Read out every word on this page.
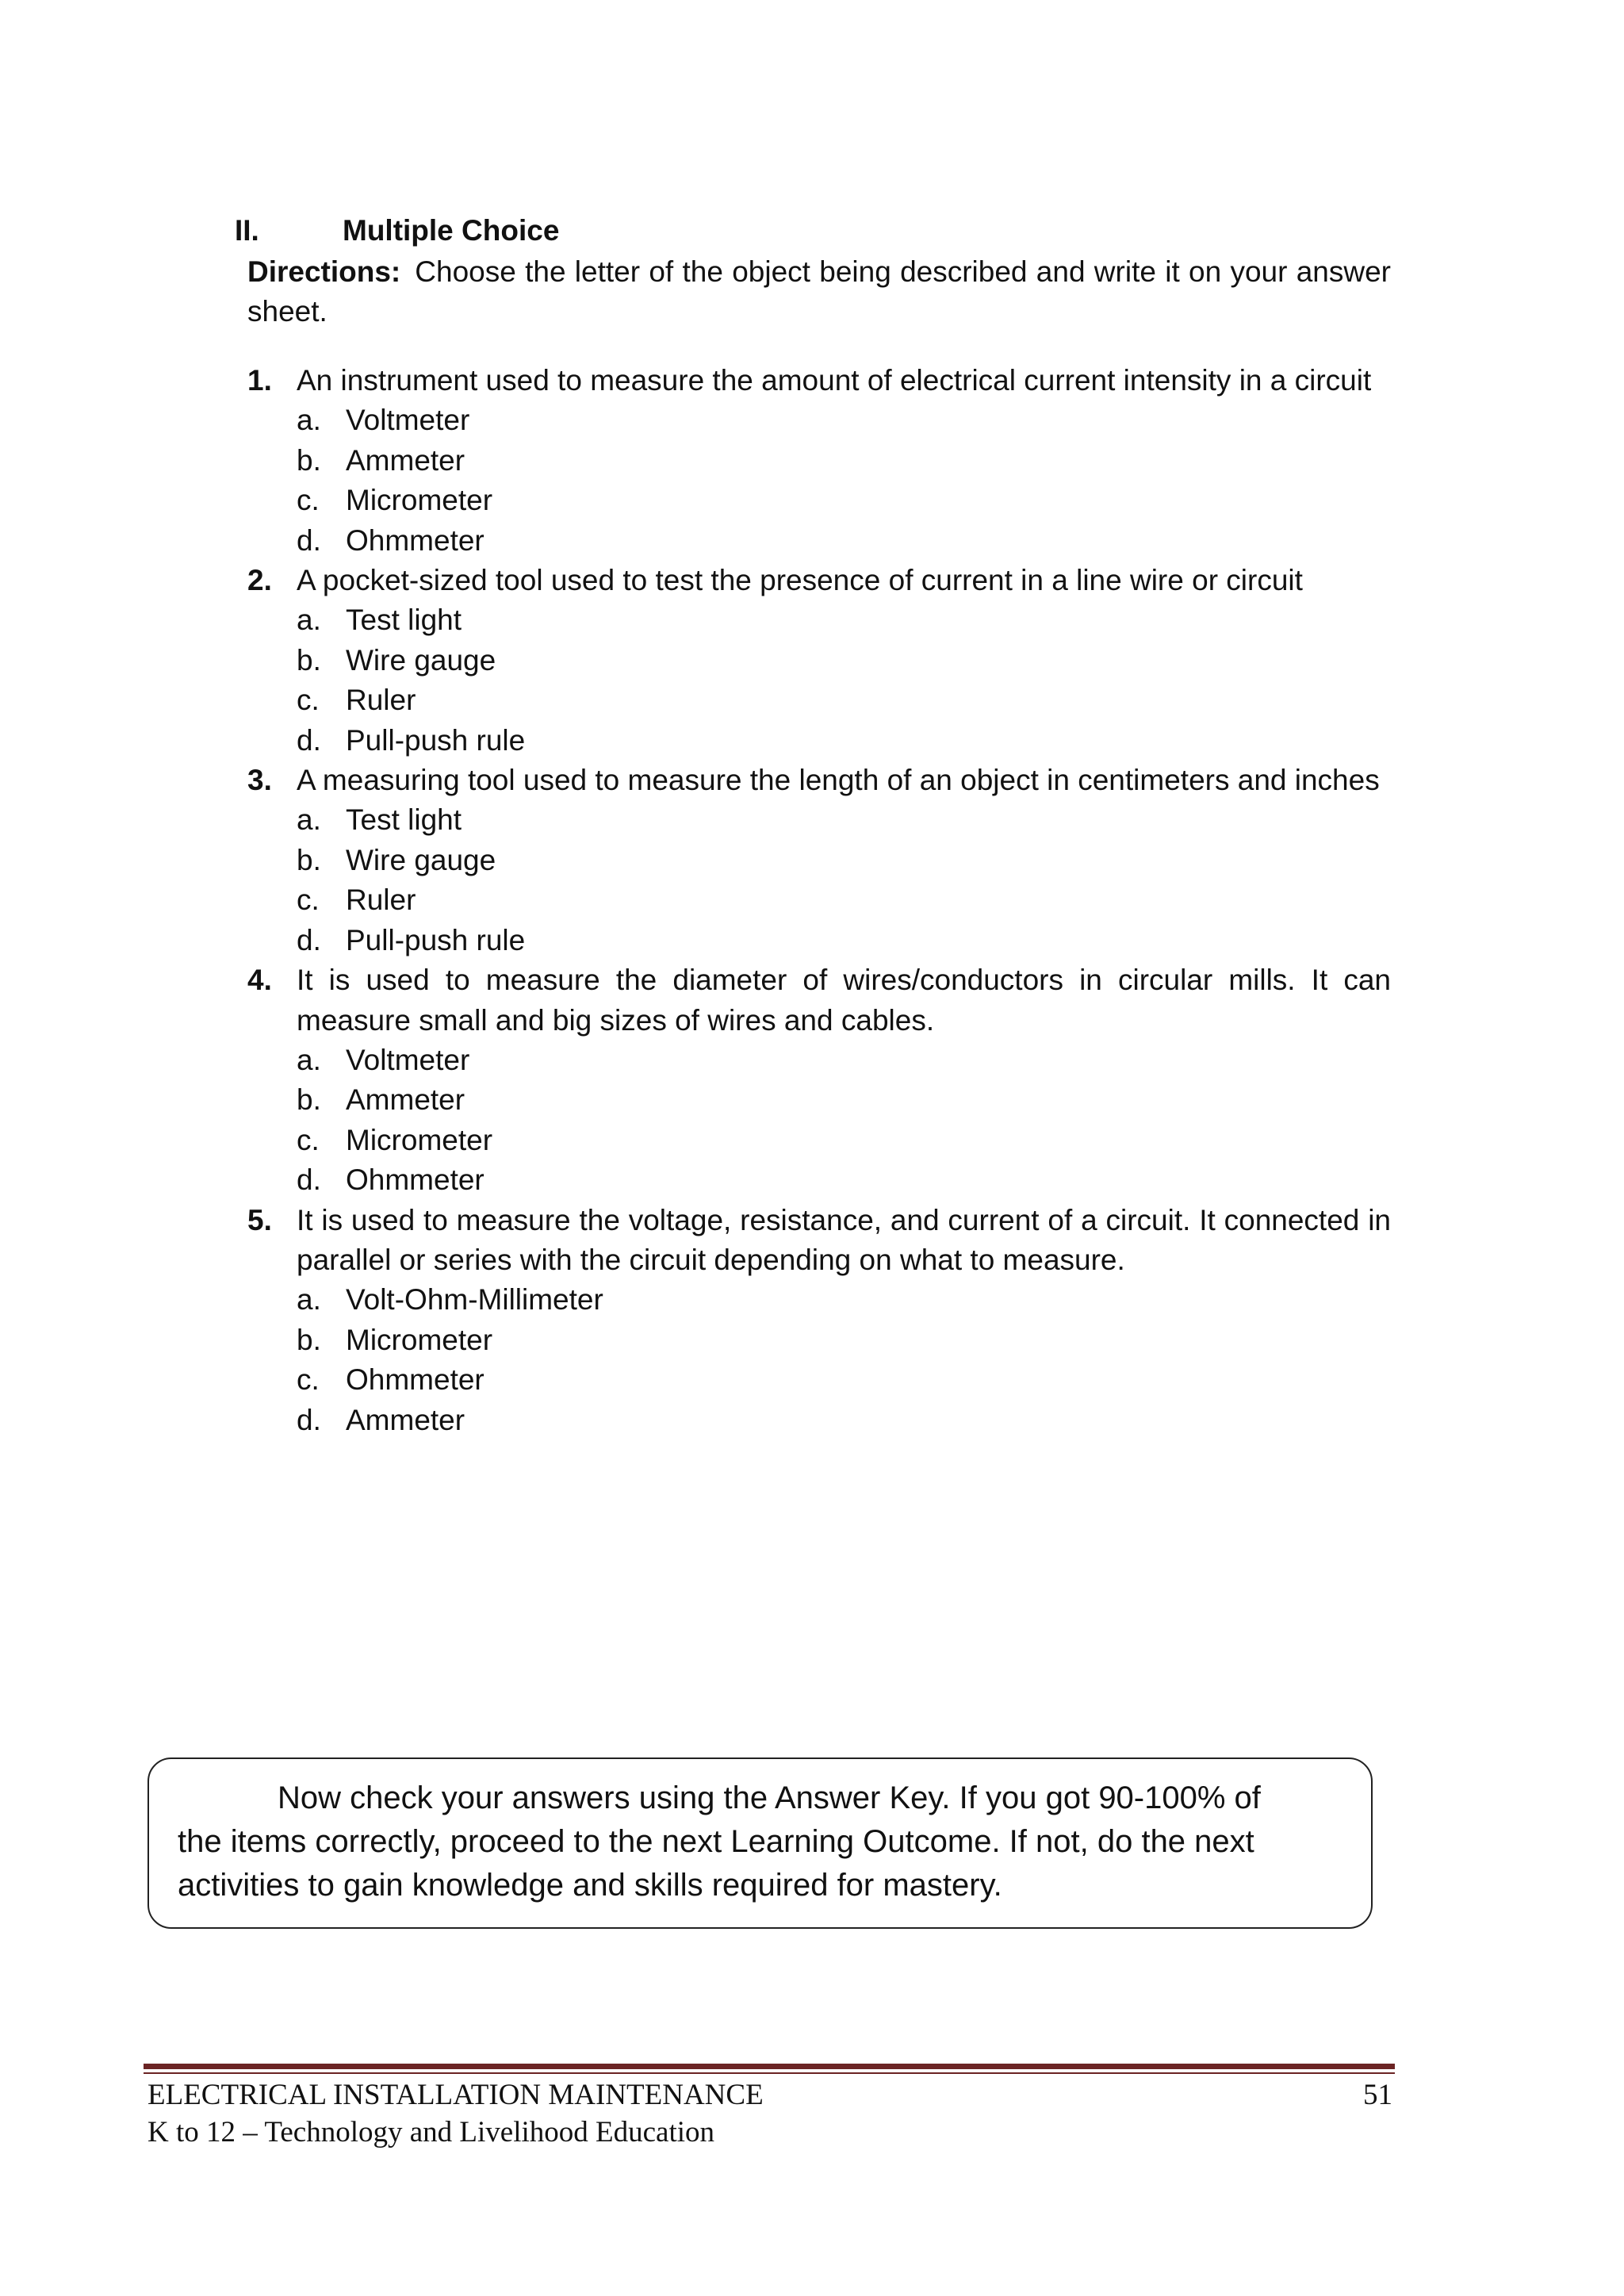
II.	Multiple Choice
Directions: Choose the letter of the object being described and write it on your answer sheet.
1. An instrument used to measure the amount of electrical current intensity in a circuit
a. Voltmeter
b. Ammeter
c. Micrometer
d. Ohmmeter
2. A pocket-sized tool used to test the presence of current in a line wire or circuit
a. Test light
b. Wire gauge
c. Ruler
d. Pull-push rule
3. A measuring tool used to measure the length of an object in centimeters and inches
a. Test light
b. Wire gauge
c. Ruler
d. Pull-push rule
4. It is used to measure the diameter of wires/conductors in circular mills. It can measure small and big sizes of wires and cables.
a. Voltmeter
b. Ammeter
c. Micrometer
d. Ohmmeter
5. It is used to measure the voltage, resistance, and current of a circuit. It connected in parallel or series with the circuit depending on what to measure.
a. Volt-Ohm-Millimeter
b. Micrometer
c. Ohmmeter
d. Ammeter
Now check your answers using the Answer Key. If you got 90-100% of the items correctly, proceed to the next Learning Outcome. If not, do the next activities to gain knowledge and skills required for mastery.
ELECTRICAL INSTALLATION MAINTENANCE
K to 12 – Technology and Livelihood Education
51
